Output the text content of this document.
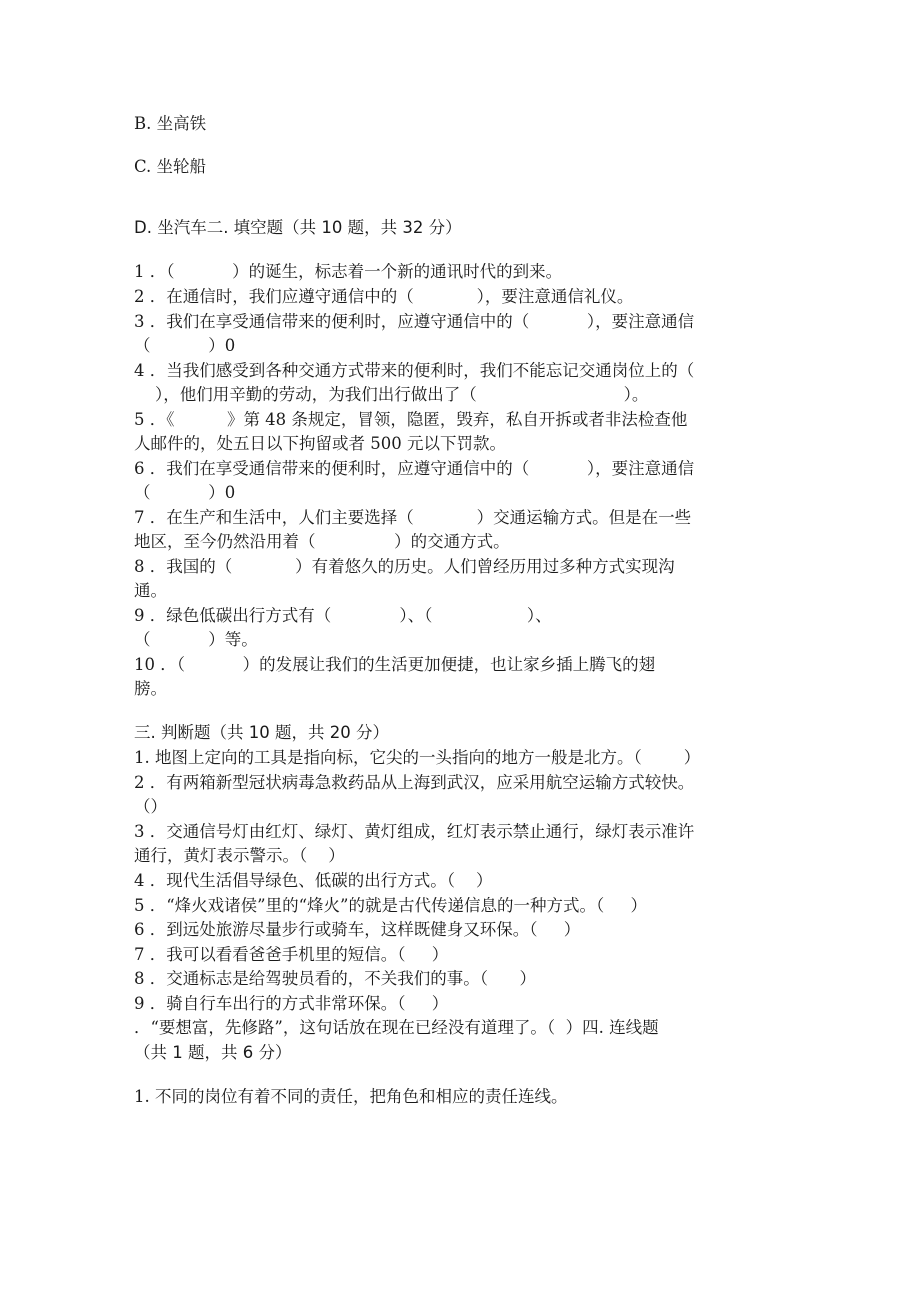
B. 坐高铁

C. 坐轮船

D. 坐汽车二. 填空题（共 10 题，共 32 分）

1 ．（           ）的诞生，标志着一个新的通讯时代的到来。

2 ．在通信时，我们应遵守通信中的（            ），要注意通信礼仪。

3 ．我们在享受通信带来的便利时，应遵守通信中的（           ），要注意通信

（           ）0

4 ．当我们感受到各种交通方式带来的便利时，我们不能忘记交通岗位上的（

），他们用辛勤的劳动，为我们出行做出了（                            ）。

5 ．《          》第 48 条规定，冒领，隐匿，毁弃，私自开拆或者非法检查他

人邮件的，处五日以下拘留或者 500 元以下罚款。

6 ．我们在享受通信带来的便利时，应遵守通信中的（           ），要注意通信

（           ）0

7 ．在生产和生活中，人们主要选择（            ）交通运输方式。但是在一些

地区，至今仍然沿用着（               ）的交通方式。

8 ．我国的（            ）有着悠久的历史。人们曾经历用过多种方式实现沟

通。

9 ．绿色低碳出行方式有（             ）、（                  ）、

（           ）等。

10 ．（           ）的发展让我们的生活更加便捷，也让家乡插上腾飞的翅

膀。

三. 判断题（共 10 题，共 20 分）

1. 地图上定向的工具是指向标，它尖的一头指向的地方一般是北方。（        ）

2 ．有两箱新型冠状病毒急救药品从上海到武汉，应采用航空运输方式较快。

（）

3 ．交通信号灯由红灯、绿灯、黄灯组成，红灯表示禁止通行，绿灯表示准许

通行，黄灯表示警示。（    ）

4 ．现代生活倡导绿色、低碳的出行方式。（    ）

5 ．“烽火戏诸侯”里的“烽火”的就是古代传递信息的一种方式。（     ）

6 ．到远处旅游尽量步行或骑车，这样既健身又环保。（     ）

7 ．我可以看看爸爸手机里的短信。（     ）

8 ．交通标志是给驾驶员看的，不关我们的事。（      ）

9 ．骑自行车出行的方式非常环保。（     ）

．“要想富，先修路”，这句话放在现在已经没有道理了。（  ）四. 连线题

（共 1 题，共 6 分）

1. 不同的岗位有着不同的责任，把角色和相应的责任连线。
